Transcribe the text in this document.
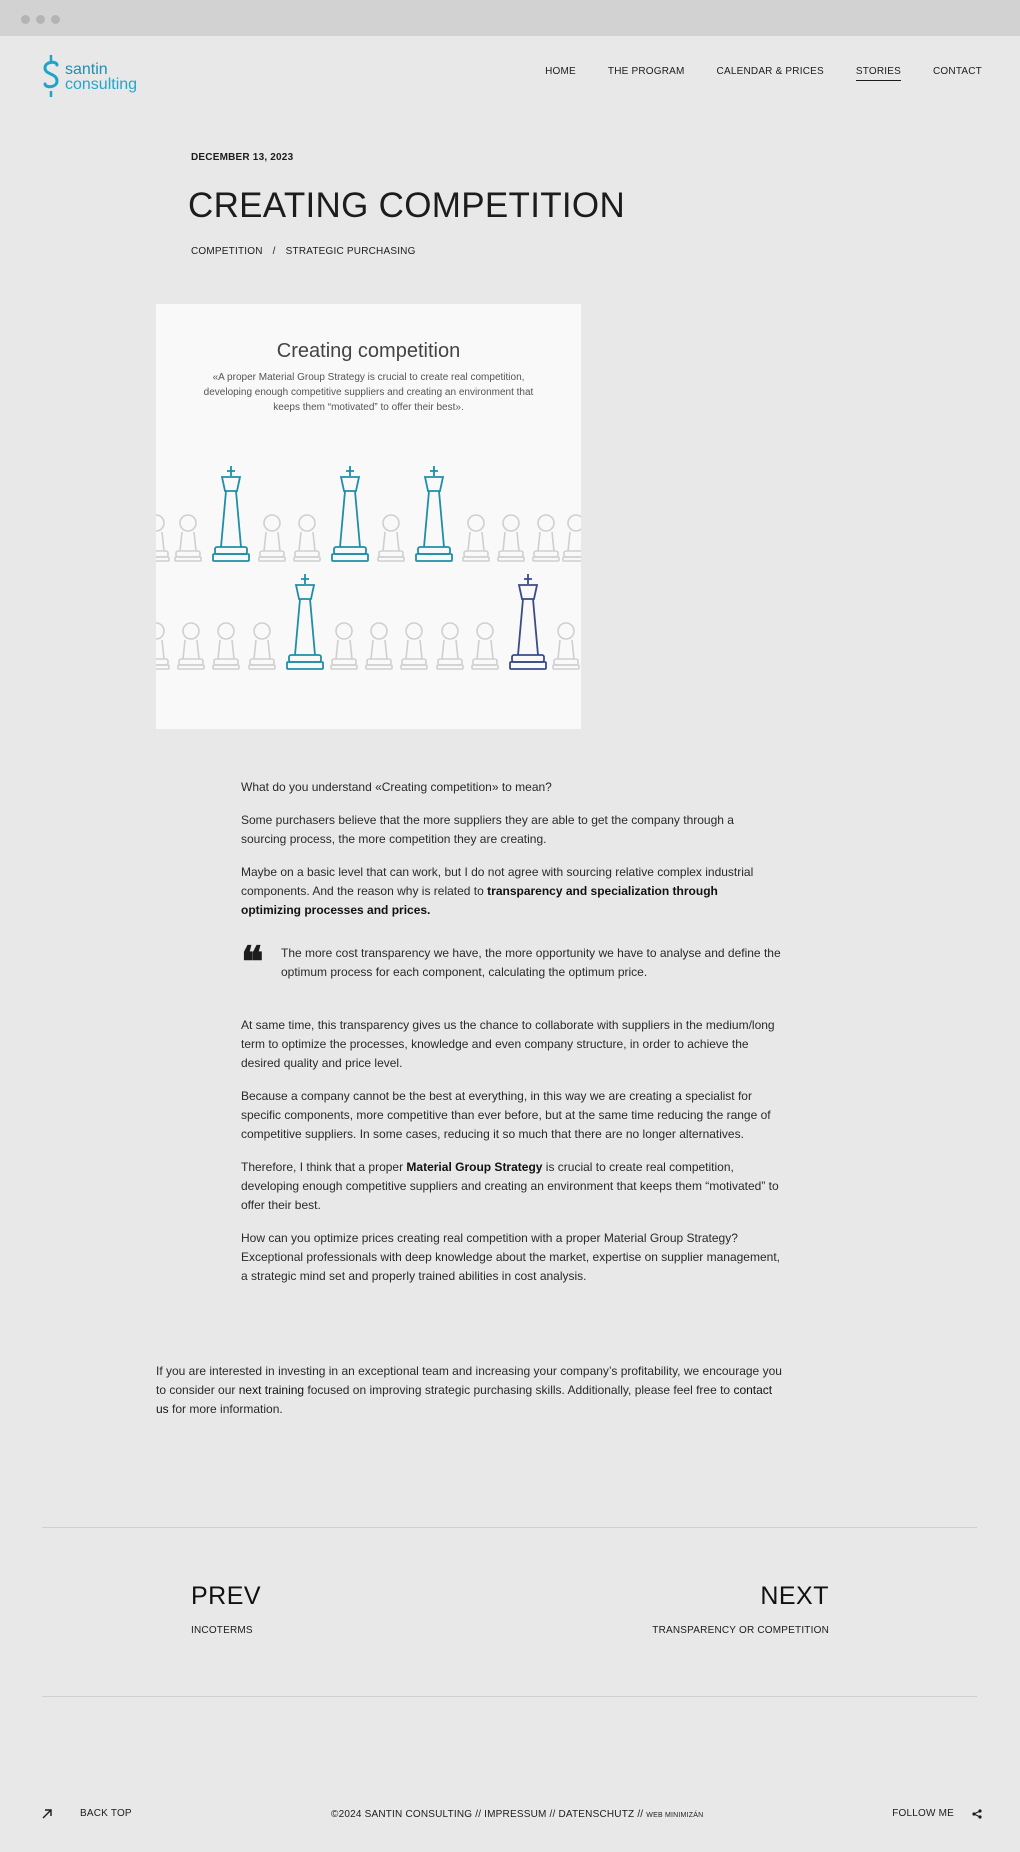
santin
consulting
HOME	THE PROGRAM	CALENDAR & PRICES	STORIES	CONTACT
DECEMBER 13, 2023
CREATING COMPETITION
COMPETITION / STRATEGIC PURCHASING
Creating competition
«A proper Material Group Strategy is crucial to create real competition, developing enough competitive suppliers and creating an environment that keeps them “motivated” to offer their best».

What do you understand «Creating competition» to mean?

Some purchasers believe that the more suppliers they are able to get the company through a sourcing process, the more competition they are creating.

Maybe on a basic level that can work, but I do not agree with sourcing relative complex industrial components. And the reason why is related to transparency and specialization through optimizing processes and prices.

❝ The more cost transparency we have, the more opportunity we have to analyse and define the optimum process for each component, calculating the optimum price.

At same time, this transparency gives us the chance to collaborate with suppliers in the medium/long term to optimize the processes, knowledge and even company structure, in order to achieve the desired quality and price level.

Because a company cannot be the best at everything, in this way we are creating a specialist for specific components, more competitive than ever before, but at the same time reducing the range of competitive suppliers. In some cases, reducing it so much that there are no longer alternatives.

Therefore, I think that a proper Material Group Strategy is crucial to create real competition, developing enough competitive suppliers and creating an environment that keeps them “motivated” to offer their best.

How can you optimize prices creating real competition with a proper Material Group Strategy? Exceptional professionals with deep knowledge about the market, expertise on supplier management, a strategic mind set and properly trained abilities in cost analysis.

If you are interested in investing in an exceptional team and increasing your company’s profitability, we encourage you to consider our next training focused on improving strategic purchasing skills. Additionally, please feel free to contact us for more information.
PREV
INCOTERMS
NEXT
TRANSPARENCY OR COMPETITION
BACK TOP	©2024 SANTIN CONSULTING // IMPRESSUM // DATENSCHUTZ // WEB MINIMIZÁN	FOLLOW ME
